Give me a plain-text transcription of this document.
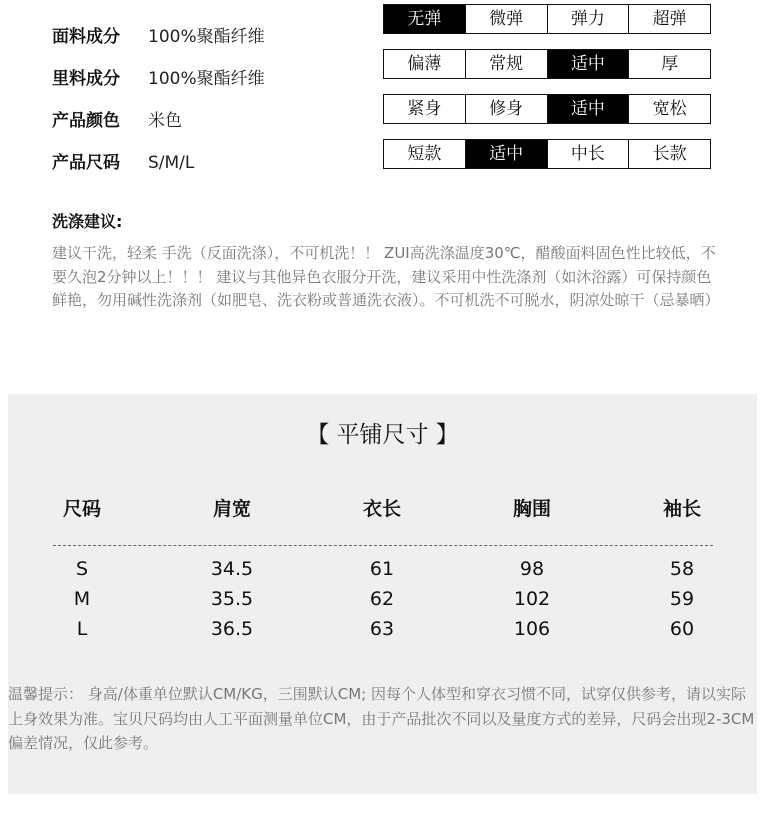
面料成分 100%聚酯纤维
里料成分 100%聚酯纤维
产品颜色 米色
产品尺码 S/M/L
无弹	微弹	弹力	超弹
偏薄	常规	适中	厚
紧身	修身	适中	宽松
短款	适中	中长	长款
洗涤建议:
建议干洗，轻柔 手洗（反面洗涤），不可机洗！！ ZUI高洗涤温度30℃，醋酸面料固色性比较低，不要久泡2分钟以上！！！ 建议与其他异色衣服分开洗，建议采用中性洗涤剂（如沐浴露）可保持颜色鲜艳，勿用碱性洗涤剂（如肥皂、洗衣粉或普通洗衣液）。不可机洗不可脱水，阴凉处晾干（忌暴晒）
【 平铺尺寸 】
尺码	肩宽	衣长	胸围	袖长
S	34.5	61	98	58
M	35.5	62	102	59
L	36.5	63	106	60
温馨提示： 身高/体重单位默认CM/KG，三围默认CM; 因每个人体型和穿衣习惯不同，试穿仅供参考，请以实际上身效果为准。宝贝尺码均由人工平面测量单位CM，由于产品批次不同以及量度方式的差异，尺码会出现2-3CM偏差情况，仅此参考。
